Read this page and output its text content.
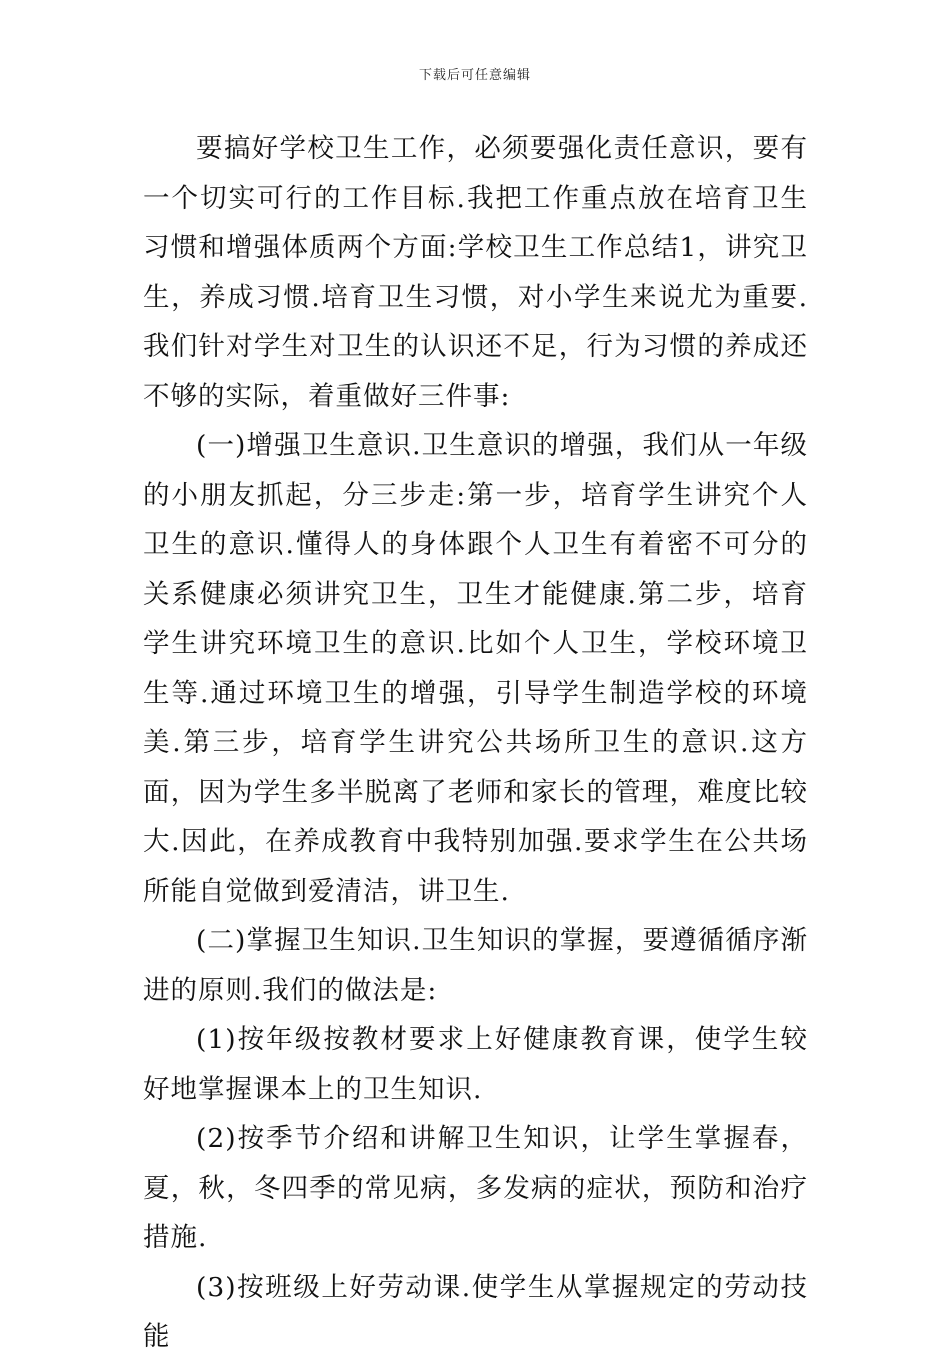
下载后可任意编辑

要搞好学校卫生工作，必须要强化责任意识，要有一个切实可行的工作目标.我把工作重点放在培育卫生习惯和增强体质两个方面:学校卫生工作总结1，讲究卫生，养成习惯.培育卫生习惯，对小学生来说尤为重要.我们针对学生对卫生的认识还不足，行为习惯的养成还不够的实际，着重做好三件事:

(一)增强卫生意识.卫生意识的增强，我们从一年级的小朋友抓起，分三步走:第一步，培育学生讲究个人卫生的意识.懂得人的身体跟个人卫生有着密不可分的关系健康必须讲究卫生，卫生才能健康.第二步，培育学生讲究环境卫生的意识.比如个人卫生，学校环境卫生等.通过环境卫生的增强，引导学生制造学校的环境美.第三步，培育学生讲究公共场所卫生的意识.这方面，因为学生多半脱离了老师和家长的管理，难度比较大.因此，在养成教育中我特别加强.要求学生在公共场所能自觉做到爱清洁，讲卫生.

(二)掌握卫生知识.卫生知识的掌握，要遵循循序渐进的原则.我们的做法是:

(1)按年级按教材要求上好健康教育课，使学生较好地掌握课本上的卫生知识.

(2)按季节介绍和讲解卫生知识，让学生掌握春，夏，秋，冬四季的常见病，多发病的症状，预防和治疗措施.

(3)按班级上好劳动课.使学生从掌握规定的劳动技能
